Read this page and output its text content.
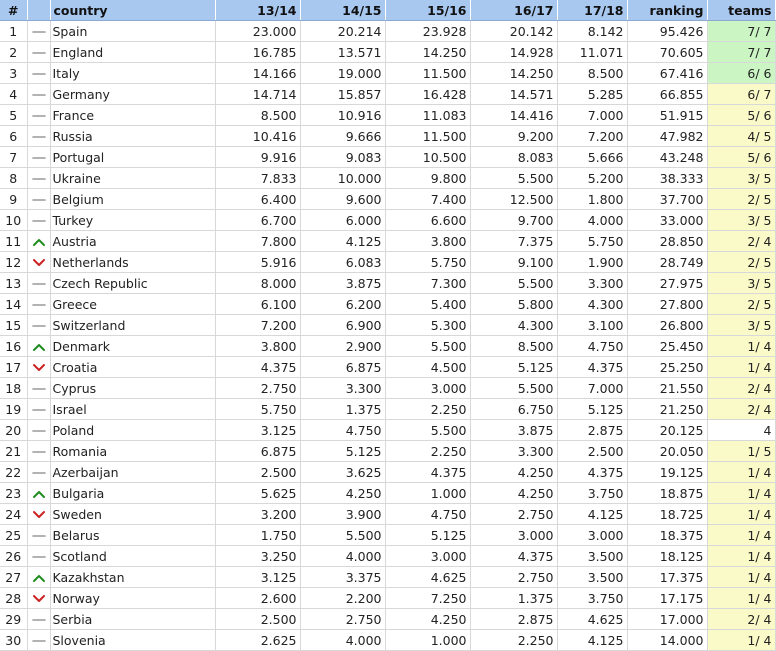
#		country	13/14	14/15	15/16	16/17	17/18	ranking	teams
1		Spain	23.000	20.214	23.928	20.142	8.142	95.426	7/ 7
2		England	16.785	13.571	14.250	14.928	11.071	70.605	7/ 7
3		Italy	14.166	19.000	11.500	14.250	8.500	67.416	6/ 6
4		Germany	14.714	15.857	16.428	14.571	5.285	66.855	6/ 7
5		France	8.500	10.916	11.083	14.416	7.000	51.915	5/ 6
6		Russia	10.416	9.666	11.500	9.200	7.200	47.982	4/ 5
7		Portugal	9.916	9.083	10.500	8.083	5.666	43.248	5/ 6
8		Ukraine	7.833	10.000	9.800	5.500	5.200	38.333	3/ 5
9		Belgium	6.400	9.600	7.400	12.500	1.800	37.700	2/ 5
10		Turkey	6.700	6.000	6.600	9.700	4.000	33.000	3/ 5
11		Austria	7.800	4.125	3.800	7.375	5.750	28.850	2/ 4
12		Netherlands	5.916	6.083	5.750	9.100	1.900	28.749	2/ 5
13		Czech Republic	8.000	3.875	7.300	5.500	3.300	27.975	3/ 5
14		Greece	6.100	6.200	5.400	5.800	4.300	27.800	2/ 5
15		Switzerland	7.200	6.900	5.300	4.300	3.100	26.800	3/ 5
16		Denmark	3.800	2.900	5.500	8.500	4.750	25.450	1/ 4
17		Croatia	4.375	6.875	4.500	5.125	4.375	25.250	1/ 4
18		Cyprus	2.750	3.300	3.000	5.500	7.000	21.550	2/ 4
19		Israel	5.750	1.375	2.250	6.750	5.125	21.250	2/ 4
20		Poland	3.125	4.750	5.500	3.875	2.875	20.125	4
21		Romania	6.875	5.125	2.250	3.300	2.500	20.050	1/ 5
22		Azerbaijan	2.500	3.625	4.375	4.250	4.375	19.125	1/ 4
23		Bulgaria	5.625	4.250	1.000	4.250	3.750	18.875	1/ 4
24		Sweden	3.200	3.900	4.750	2.750	4.125	18.725	1/ 4
25		Belarus	1.750	5.500	5.125	3.000	3.000	18.375	1/ 4
26		Scotland	3.250	4.000	3.000	4.375	3.500	18.125	1/ 4
27		Kazakhstan	3.125	3.375	4.625	2.750	3.500	17.375	1/ 4
28		Norway	2.600	2.200	7.250	1.375	3.750	17.175	1/ 4
29		Serbia	2.500	2.750	4.250	2.875	4.625	17.000	2/ 4
30		Slovenia	2.625	4.000	1.000	2.250	4.125	14.000	1/ 4
